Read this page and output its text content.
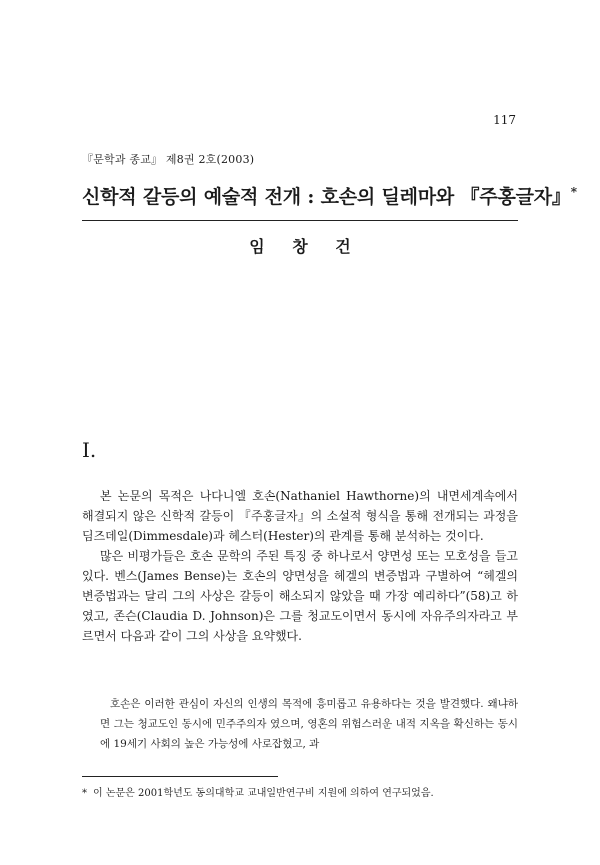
117
『문학과 종교』 제8권 2호(2003)
신학적 갈등의 예술적 전개 : 호손의 딜레마와 『주홍글자』*
임 창 건
I.

본 논문의 목적은 나다니엘 호손(Nathaniel Hawthorne)의 내면세계속에서 해결되지 않은 신학적 갈등이 『주홍글자』의 소설적 형식을 통해 전개되는 과정을 딤즈데일(Dimmesdale)과 헤스터(Hester)의 관계를 통해 분석하는 것이다.

많은 비평가들은 호손 문학의 주된 특징 중 하나로서 양면성 또는 모호성을 들고 있다. 벤스(James Bense)는 호손의 양면성을 헤겔의 변증법과 구별하여 “헤겔의 변증법과는 달리 그의 사상은 갈등이 해소되지 않았을 때 가장 예리하다”(58)고 하였고, 존슨(Claudia D. Johnson)은 그를 청교도이면서 동시에 자유주의자라고 부르면서 다음과 같이 그의 사상을 요약했다.

호손은 이러한 관심이 자신의 인생의 목적에 흥미롭고 유용하다는 것을 발견했다. 왜냐하면 그는 청교도인 동시에 민주주의자 였으며, 영혼의 위험스러운 내적 지옥을 확신하는 동시에 19세기 사회의 높은 가능성에 사로잡혔고, 과

* 이 논문은 2001학년도 동의대학교 교내일반연구비 지원에 의하여 연구되었음.
